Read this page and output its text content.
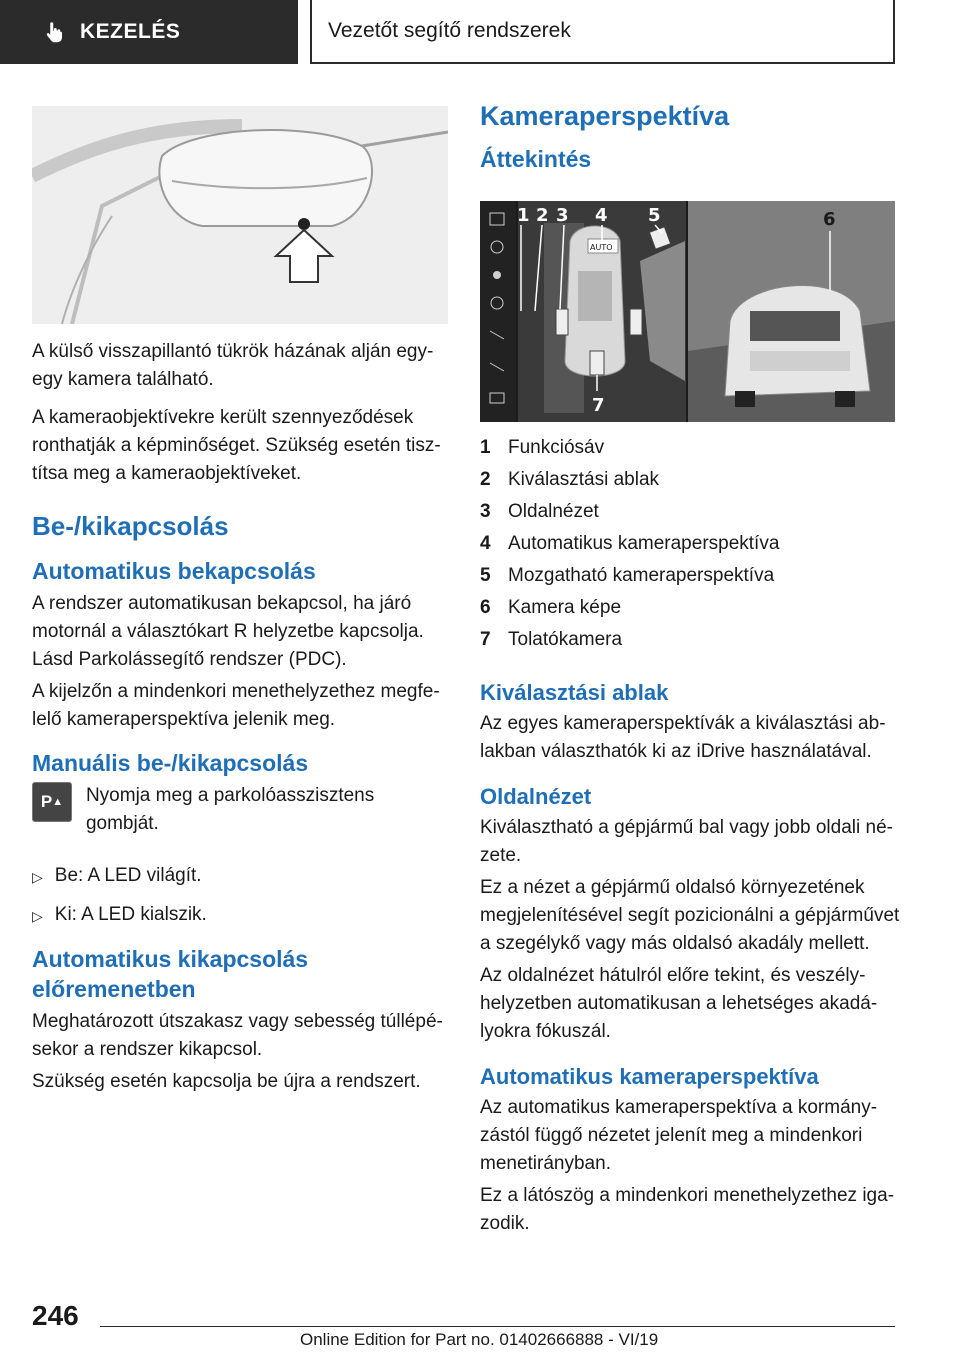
KEZELÉS	Vezetőt segítő rendszerek

A külső visszapillantó tükrök házának alján egy-egy kamera található.

A kameraobjektívekre került szennyeződések ronthatják a képminőséget. Szükség esetén tisztítsa meg a kameraobjektíveket.

Be-/kikapcsolás
Automatikus bekapcsolás

A rendszer automatikusan bekapcsol, ha járó motornál a választókart R helyzetbe kapcsolja. Lásd Parkolássegítő rendszer (PDC).

A kijelzőn a mindenkori menethelyzethez megfelelő kameraperspektíva jelenik meg.

Manuális be-/kikapcsolás
P ▲ Nyomja meg a parkolóasszisztens gombját.
▷ Be: A LED világít.
▷ Ki: A LED kialszik.
Automatikus kikapcsolás előremenetben

Meghatározott útszakasz vagy sebesség túllépésekor a rendszer kikapcsol.

Szükség esetén kapcsolja be újra a rendszert.

Kameraperspektíva
Áttekintés
AUTO
1 2 3 4 5	6
7
1 Funkciósáv
2 Kiválasztási ablak
3 Oldalnézet
4 Automatikus kameraperspektíva
5 Mozgatható kameraperspektíva
6 Kamera képe
7 Tolatókamera
Kiválasztási ablak

Az egyes kameraperspektívák a kiválasztási ablakban választhatók ki az iDrive használatával.

Oldalnézet

Kiválasztható a gépjármű bal vagy jobb oldali nézete.

Ez a nézet a gépjármű oldalsó környezetének megjelenítésével segít pozicionálni a gépjárművet a szegélykő vagy más oldalsó akadály mellett.

Az oldalnézet hátulról előre tekint, és veszélyhelyzetben automatikusan a lehetséges akadályokra fókuszál.

Automatikus kameraperspektíva

Az automatikus kameraperspektíva a kormányzástól függő nézetet jelenít meg a mindenkori menetirányban.

Ez a látószög a mindenkori menethelyzethez igazodik.

246
Online Edition for Part no. 01402666888 - VI/19
